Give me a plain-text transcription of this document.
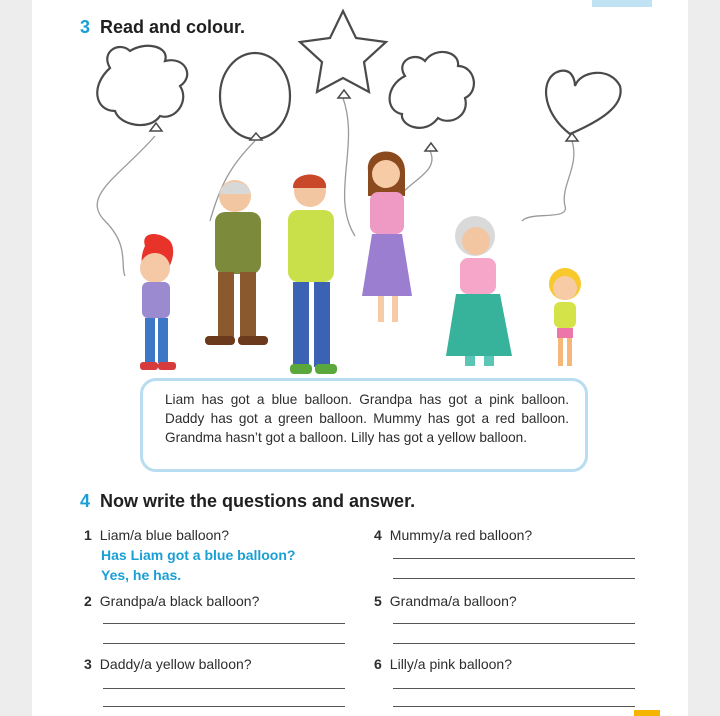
3 Read and colour.

Liam has got a blue balloon. Grandpa has got a pink balloon. Daddy has got a green balloon. Mummy has got a red balloon. Grandma hasn’t got a balloon. Lilly has got a yellow balloon.

4 Now write the questions and answer.
1 Liam/a blue balloon?
Has Liam got a blue balloon?
Yes, he has.
4 Mummy/a red balloon?
2 Grandpa/a black balloon?	5 Grandma/a balloon?
3 Daddy/a yellow balloon?	6 Lilly/a pink balloon?
